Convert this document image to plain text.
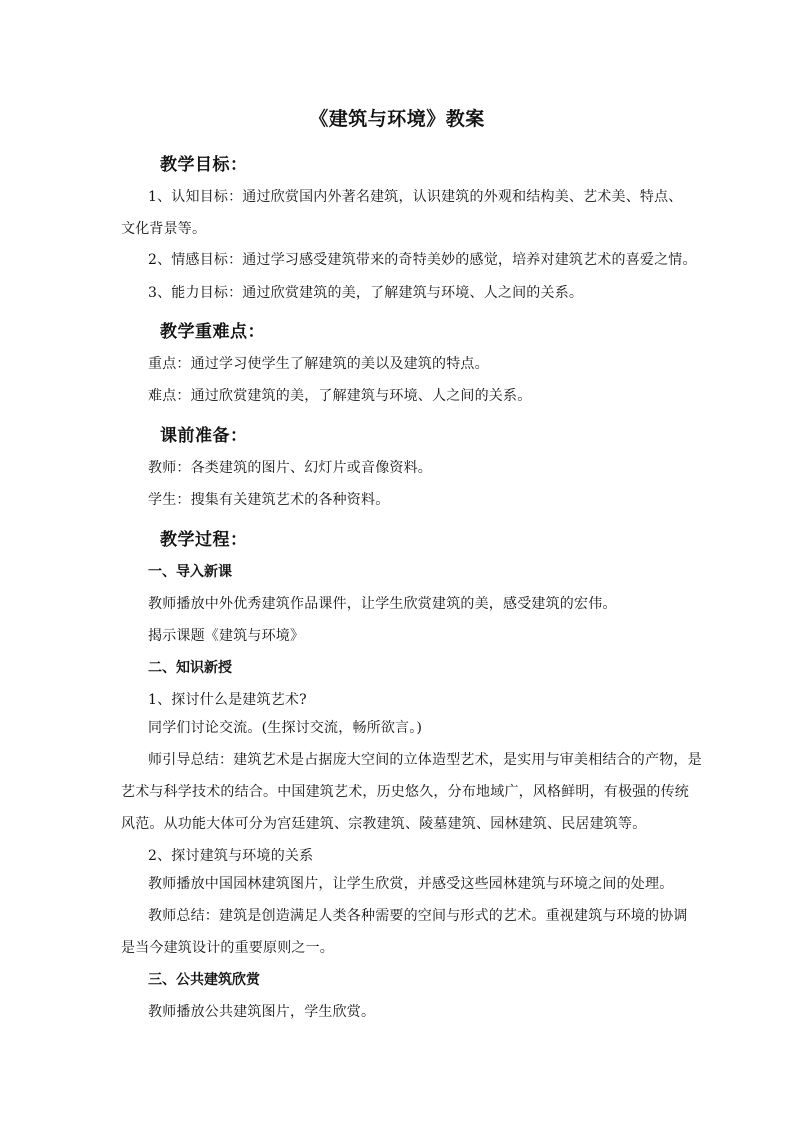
《建筑与环境》教案
教学目标：
1、认知目标：通过欣赏国内外著名建筑，认识建筑的外观和结构美、艺术美、特点、
文化背景等。
2、情感目标：通过学习感受建筑带来的奇特美妙的感觉，培养对建筑艺术的喜爱之情。
3、能力目标：通过欣赏建筑的美，了解建筑与环境、人之间的关系。
教学重难点：
重点：通过学习使学生了解建筑的美以及建筑的特点。
难点：通过欣赏建筑的美，了解建筑与环境、人之间的关系。
课前准备：
教师：各类建筑的图片、幻灯片或音像资料。
学生：搜集有关建筑艺术的各种资料。
教学过程：
一、导入新课
教师播放中外优秀建筑作品课件，让学生欣赏建筑的美，感受建筑的宏伟。
揭示课题《建筑与环境》
二、知识新授
1、探讨什么是建筑艺术?
同学们讨论交流。(生探讨交流，畅所欲言。)
师引导总结：建筑艺术是占据庞大空间的立体造型艺术，是实用与审美相结合的产物，是
艺术与科学技术的结合。中国建筑艺术，历史悠久，分布地域广，风格鲜明，有极强的传统
风范。从功能大体可分为宫廷建筑、宗教建筑、陵墓建筑、园林建筑、民居建筑等。
2、探讨建筑与环境的关系
教师播放中国园林建筑图片，让学生欣赏，并感受这些园林建筑与环境之间的处理。
教师总结：建筑是创造满足人类各种需要的空间与形式的艺术。重视建筑与环境的协调
是当今建筑设计的重要原则之一。
三、公共建筑欣赏
教师播放公共建筑图片，学生欣赏。
